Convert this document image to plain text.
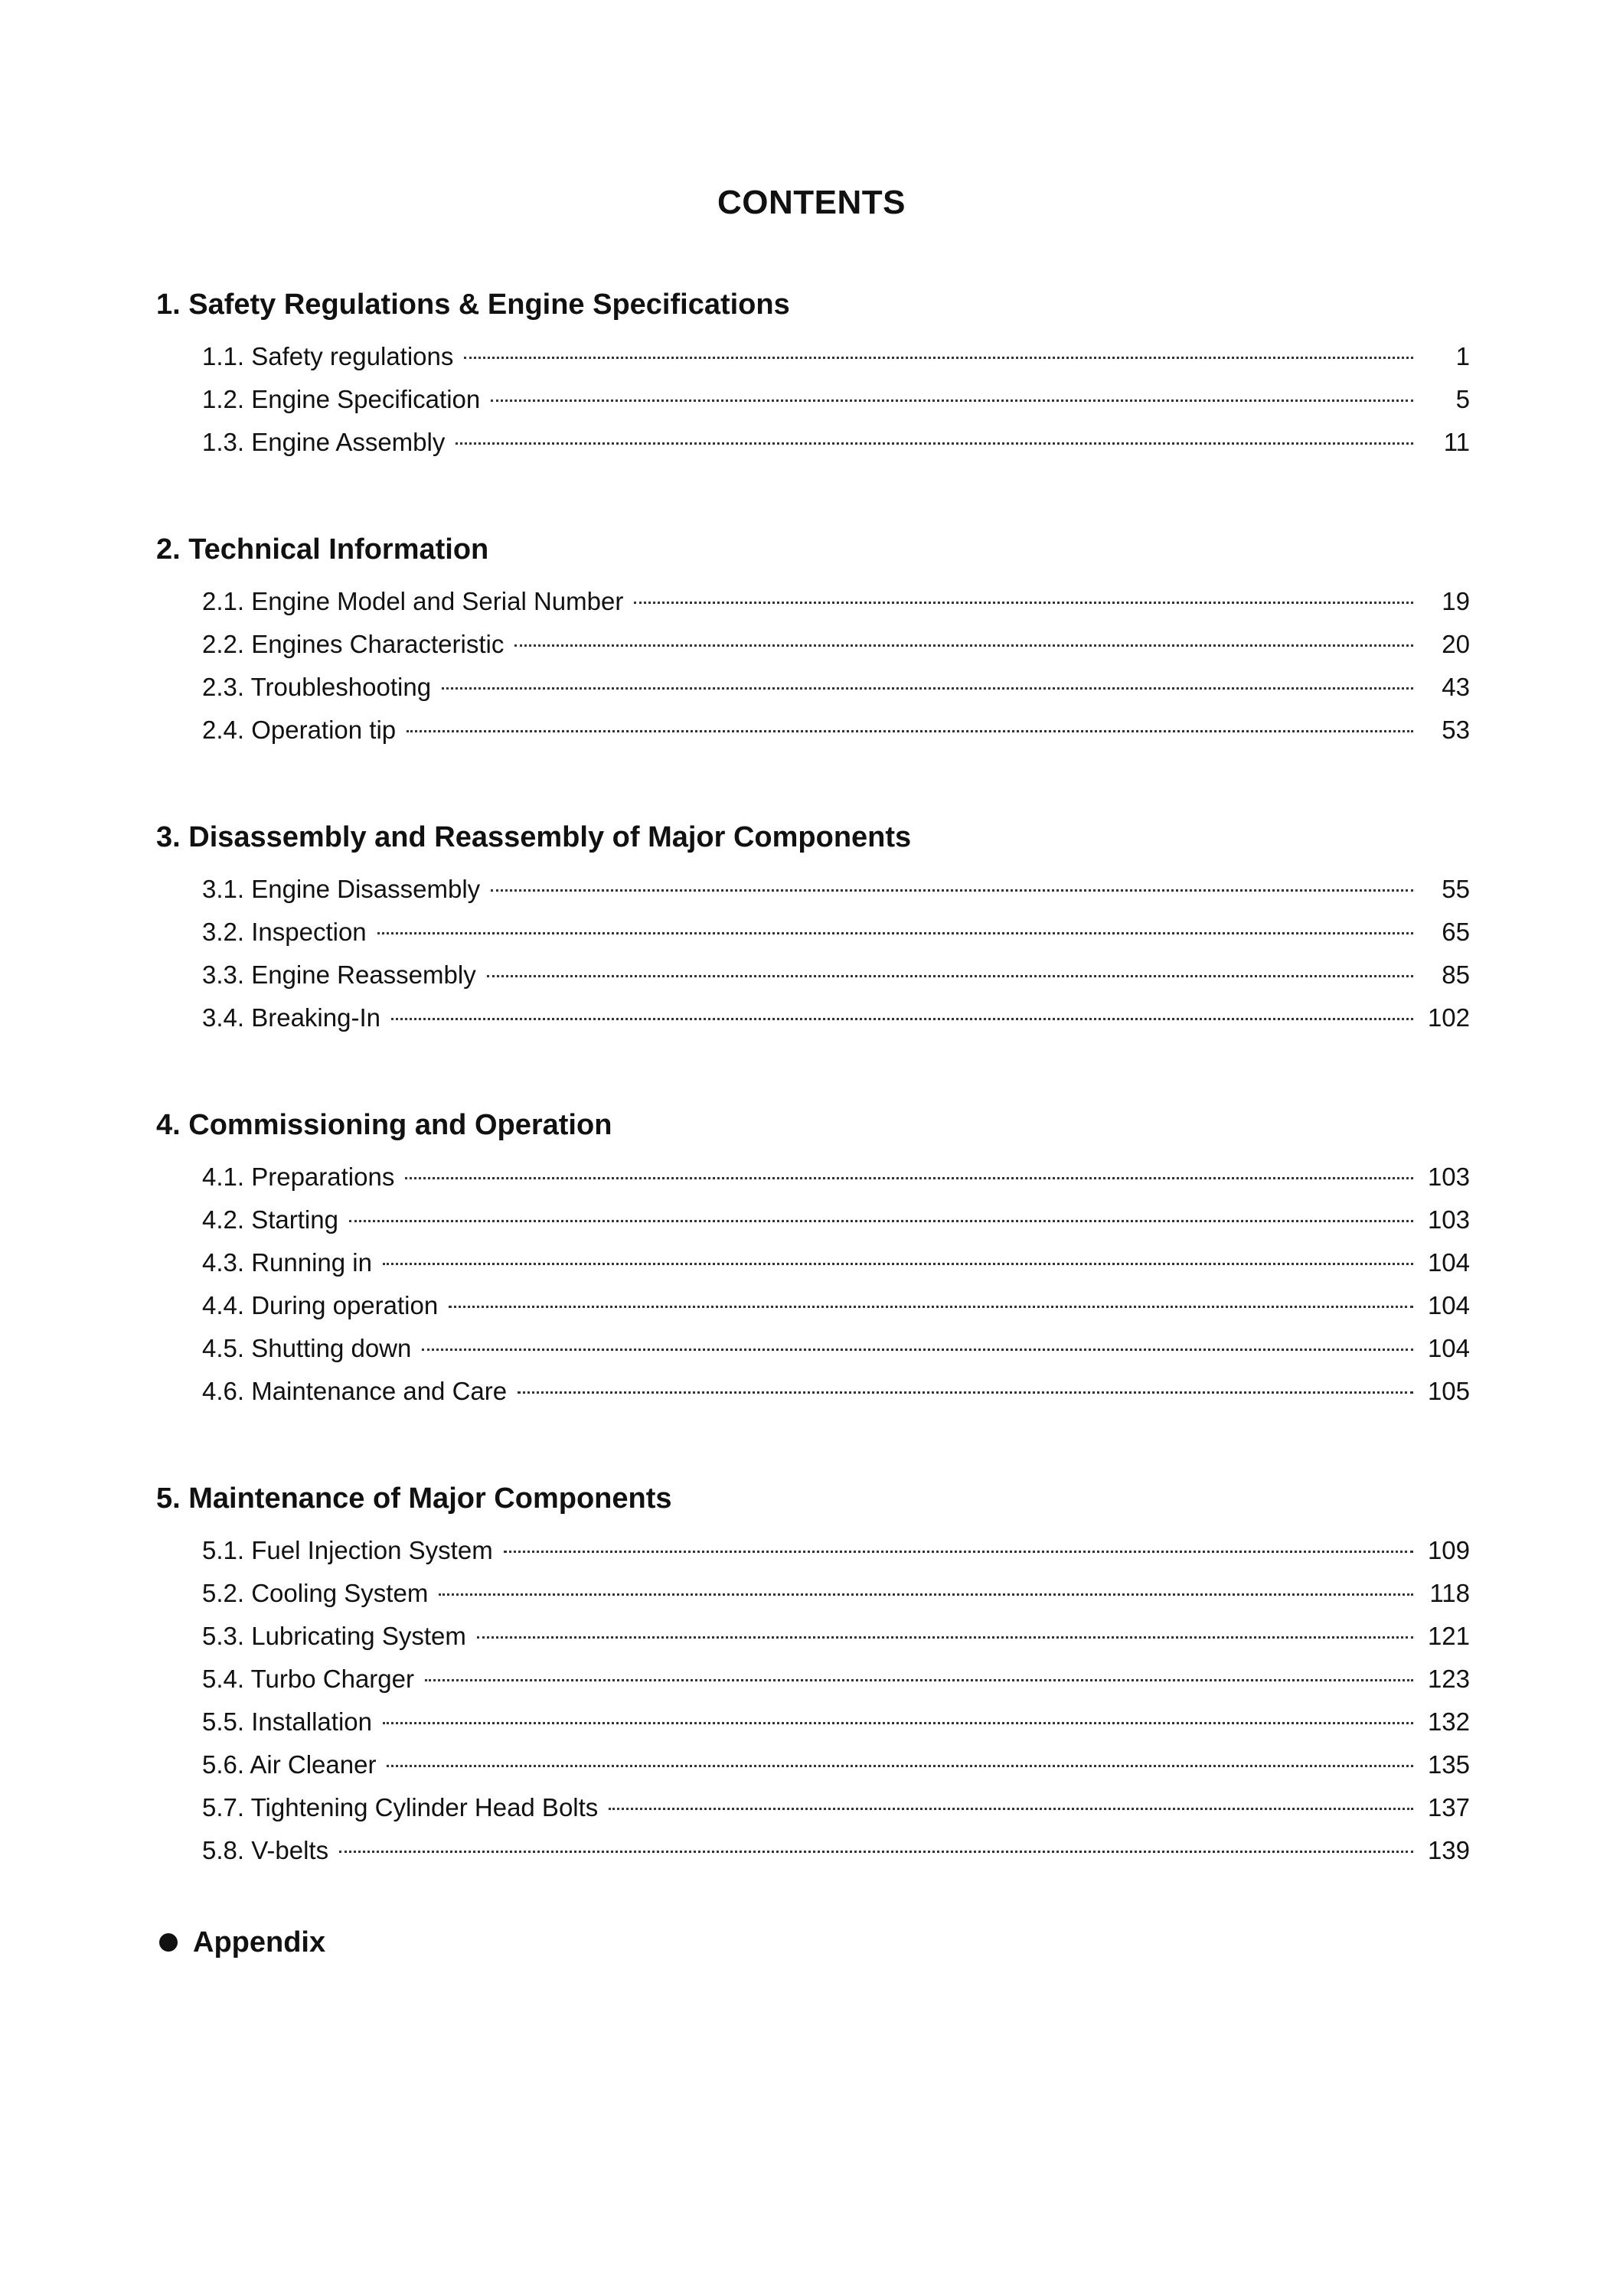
CONTENTS
1. Safety Regulations & Engine Specifications
1.1. Safety regulations	1
1.2. Engine Specification	5
1.3. Engine Assembly	11
2. Technical Information
2.1. Engine Model and Serial Number	19
2.2. Engines Characteristic	20
2.3. Troubleshooting	43
2.4. Operation tip	53
3. Disassembly and Reassembly of Major Components
3.1. Engine Disassembly	55
3.2. Inspection	65
3.3. Engine Reassembly	85
3.4. Breaking-In	102
4. Commissioning and Operation
4.1. Preparations	103
4.2. Starting	103
4.3. Running in	104
4.4. During operation	104
4.5. Shutting down	104
4.6. Maintenance and Care	105
5. Maintenance of Major Components
5.1. Fuel Injection System	109
5.2. Cooling System	118
5.3. Lubricating System	121
5.4. Turbo Charger	123
5.5. Installation	132
5.6. Air Cleaner	135
5.7. Tightening Cylinder Head Bolts	137
5.8. V-belts	139
Appendix
